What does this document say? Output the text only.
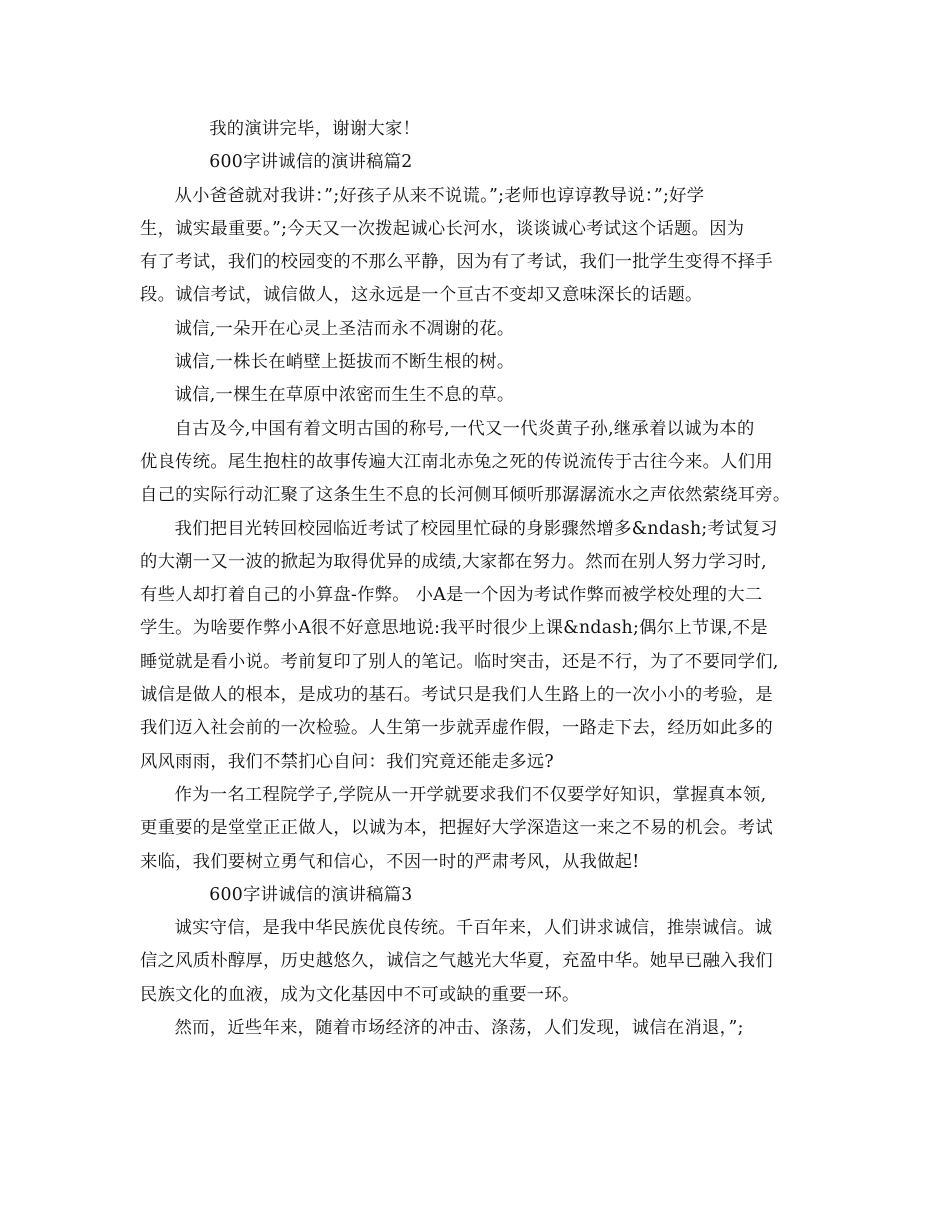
我的演讲完毕，谢谢大家！

600字讲诚信的演讲稿篇2

从小爸爸就对我讲：”;好孩子从来不说谎。”;老师也谆谆教导说：”;好学
生，诚实最重要。”;今天又一次拨起诚心长河水，谈谈诚心考试这个话题。因为
有了考试，我们的校园变的不那么平静，因为有了考试，我们一批学生变得不择手
段。诚信考试，诚信做人，这永远是一个亘古不变却又意味深长的话题。
诚信,一朵开在心灵上圣洁而永不凋谢的花。
诚信,一株长在峭壁上挺拔而不断生根的树。
诚信,一棵生在草原中浓密而生生不息的草。
自古及今,中国有着文明古国的称号,一代又一代炎黄子孙,继承着以诚为本的
优良传统。尾生抱柱的故事传遍大江南北赤兔之死的传说流传于古往今来。人们用
自己的实际行动汇聚了这条生生不息的长河侧耳倾听那潺潺流水之声依然萦绕耳旁。
我们把目光转回校园临近考试了校园里忙碌的身影骤然增多&ndash;考试复习
的大潮一又一波的掀起为取得优异的成绩,大家都在努力。然而在别人努力学习时,
有些人却打着自己的小算盘-作弊。 小A是一个因为考试作弊而被学校处理的大二
学生。为啥要作弊小A很不好意思地说:我平时很少上课&ndash;偶尔上节课,不是
睡觉就是看小说。考前复印了别人的笔记。临时突击，还是不行，为了不要同学们,
诚信是做人的根本，是成功的基石。考试只是我们人生路上的一次小小的考验，是
我们迈入社会前的一次检验。人生第一步就弄虚作假，一路走下去，经历如此多的
风风雨雨，我们不禁扪心自问：我们究竟还能走多远?
作为一名工程院学子,学院从一开学就要求我们不仅要学好知识，掌握真本领,
更重要的是堂堂正正做人，以诚为本，把握好大学深造这一来之不易的机会。考试
来临，我们要树立勇气和信心，不因一时的严肃考风，从我做起!

600字讲诚信的演讲稿篇3

诚实守信，是我中华民族优良传统。千百年来，人们讲求诚信，推崇诚信。诚
信之风质朴醇厚，历史越悠久，诚信之气越光大华夏，充盈中华。她早已融入我们
民族文化的血液，成为文化基因中不可或缺的重要一环。
然而，近些年来，随着市场经济的冲击、涤荡，人们发现，诚信在消退，”;
